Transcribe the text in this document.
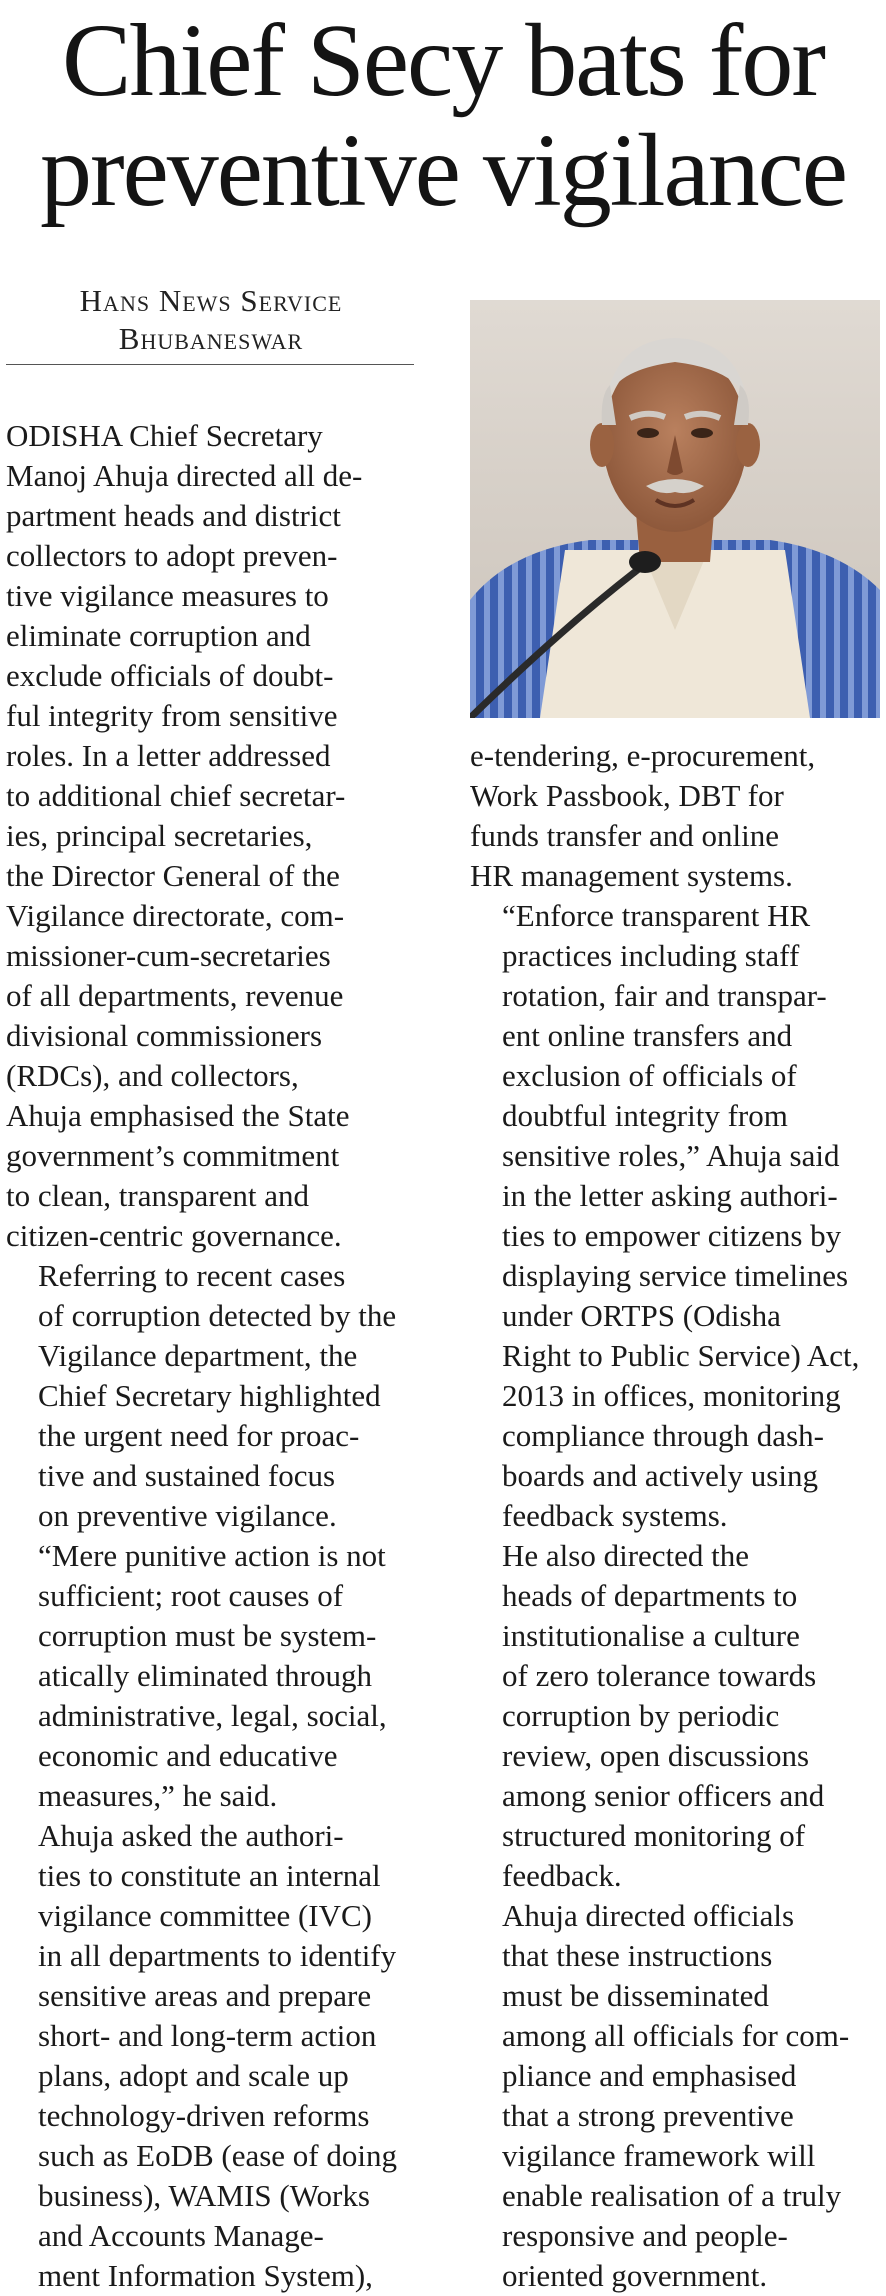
Chief Secy bats for
preventive vigilance
Hans News Service
Bhubaneswar

ODISHA Chief Secretary
Manoj Ahuja directed all de-
partment heads and district
collectors to adopt preven-
tive vigilance measures to
eliminate corruption and
exclude officials of doubt-
ful integrity from sensitive
roles. In a letter addressed
to additional chief secretar-
ies, principal secretaries,
the Director General of the
Vigilance directorate, com-
missioner-cum-secretaries
of all departments, revenue
divisional commissioners
(RDCs), and collectors,
Ahuja emphasised the State
government’s commitment
to clean, transparent and
citizen-centric governance.

Referring to recent cases
of corruption detected by the
Vigilance department, the
Chief Secretary highlighted
the urgent need for proac-
tive and sustained focus
on preventive vigilance.
“Mere punitive action is not
sufficient; root causes of
corruption must be system-
atically eliminated through
administrative, legal, social,
economic and educative
measures,” he said.

Ahuja asked the authori-
ties to constitute an internal
vigilance committee (IVC)
in all departments to identify
sensitive areas and prepare
short- and long-term action
plans, adopt and scale up
technology-driven reforms
such as EoDB (ease of doing
business), WAMIS (Works
and Accounts Manage-
ment Information System),

e-tendering, e-procurement,
Work Passbook, DBT for
funds transfer and online
HR management systems.

“Enforce transparent HR
practices including staff
rotation, fair and transpar-
ent online transfers and
exclusion of officials of
doubtful integrity from
sensitive roles,” Ahuja said
in the letter asking authori-
ties to empower citizens by
displaying service timelines
under ORTPS (Odisha
Right to Public Service) Act,
2013 in offices, monitoring
compliance through dash-
boards and actively using
feedback systems.

He also directed the
heads of departments to
institutionalise a culture
of zero tolerance towards
corruption by periodic
review, open discussions
among senior officers and
structured monitoring of
feedback.

Ahuja directed officials
that these instructions
must be disseminated
among all officials for com-
pliance and emphasised
that a strong preventive
vigilance framework will
enable realisation of a truly
responsive and people-
oriented government.
